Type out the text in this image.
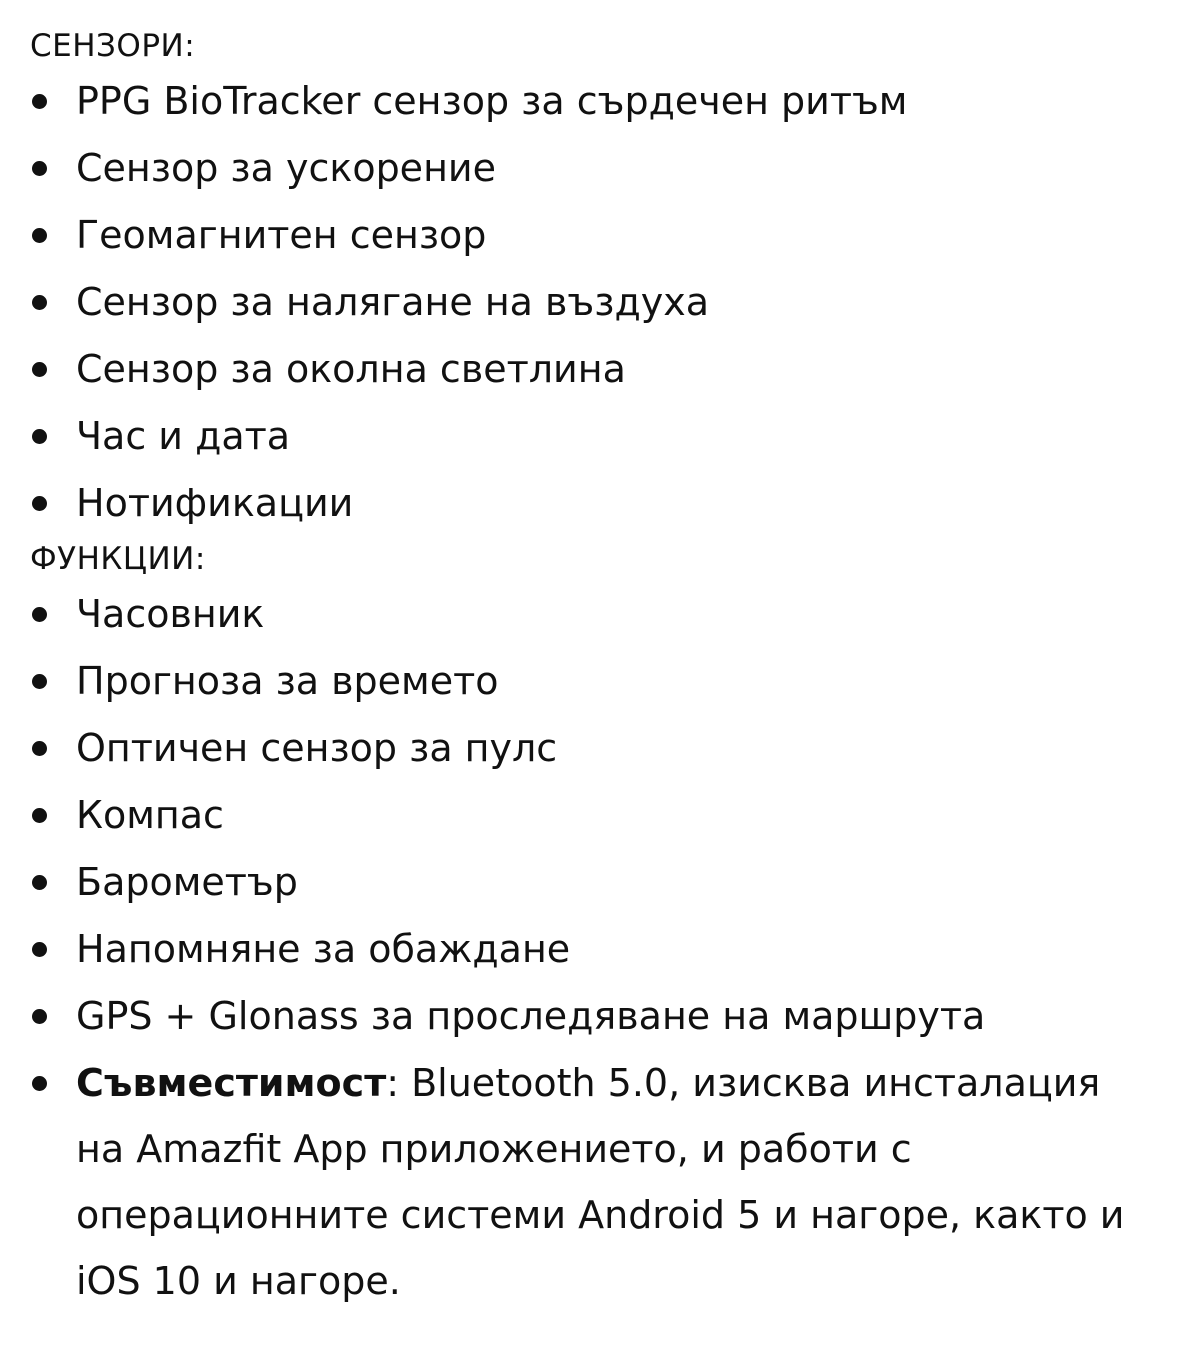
СЕНЗОРИ:
PPG BioTracker сензор за сърдечен ритъм
Сензор за ускорение
Геомагнитен сензор
Сензор за налягане на въздуха
Сензор за околна светлина
Час и дата
Нотификации
ФУНКЦИИ:
Часовник
Прогноза за времето
Оптичен сензор за пулс
Компас
Барометър
Напомняне за обаждане
GPS + Glonass за проследяване на маршрута
Съвместимост: Bluetooth 5.0, изисква инсталация на Amazfit App приложението, и работи с операционните системи Android 5 и нагоре, както и iOS 10 и нагоре.
